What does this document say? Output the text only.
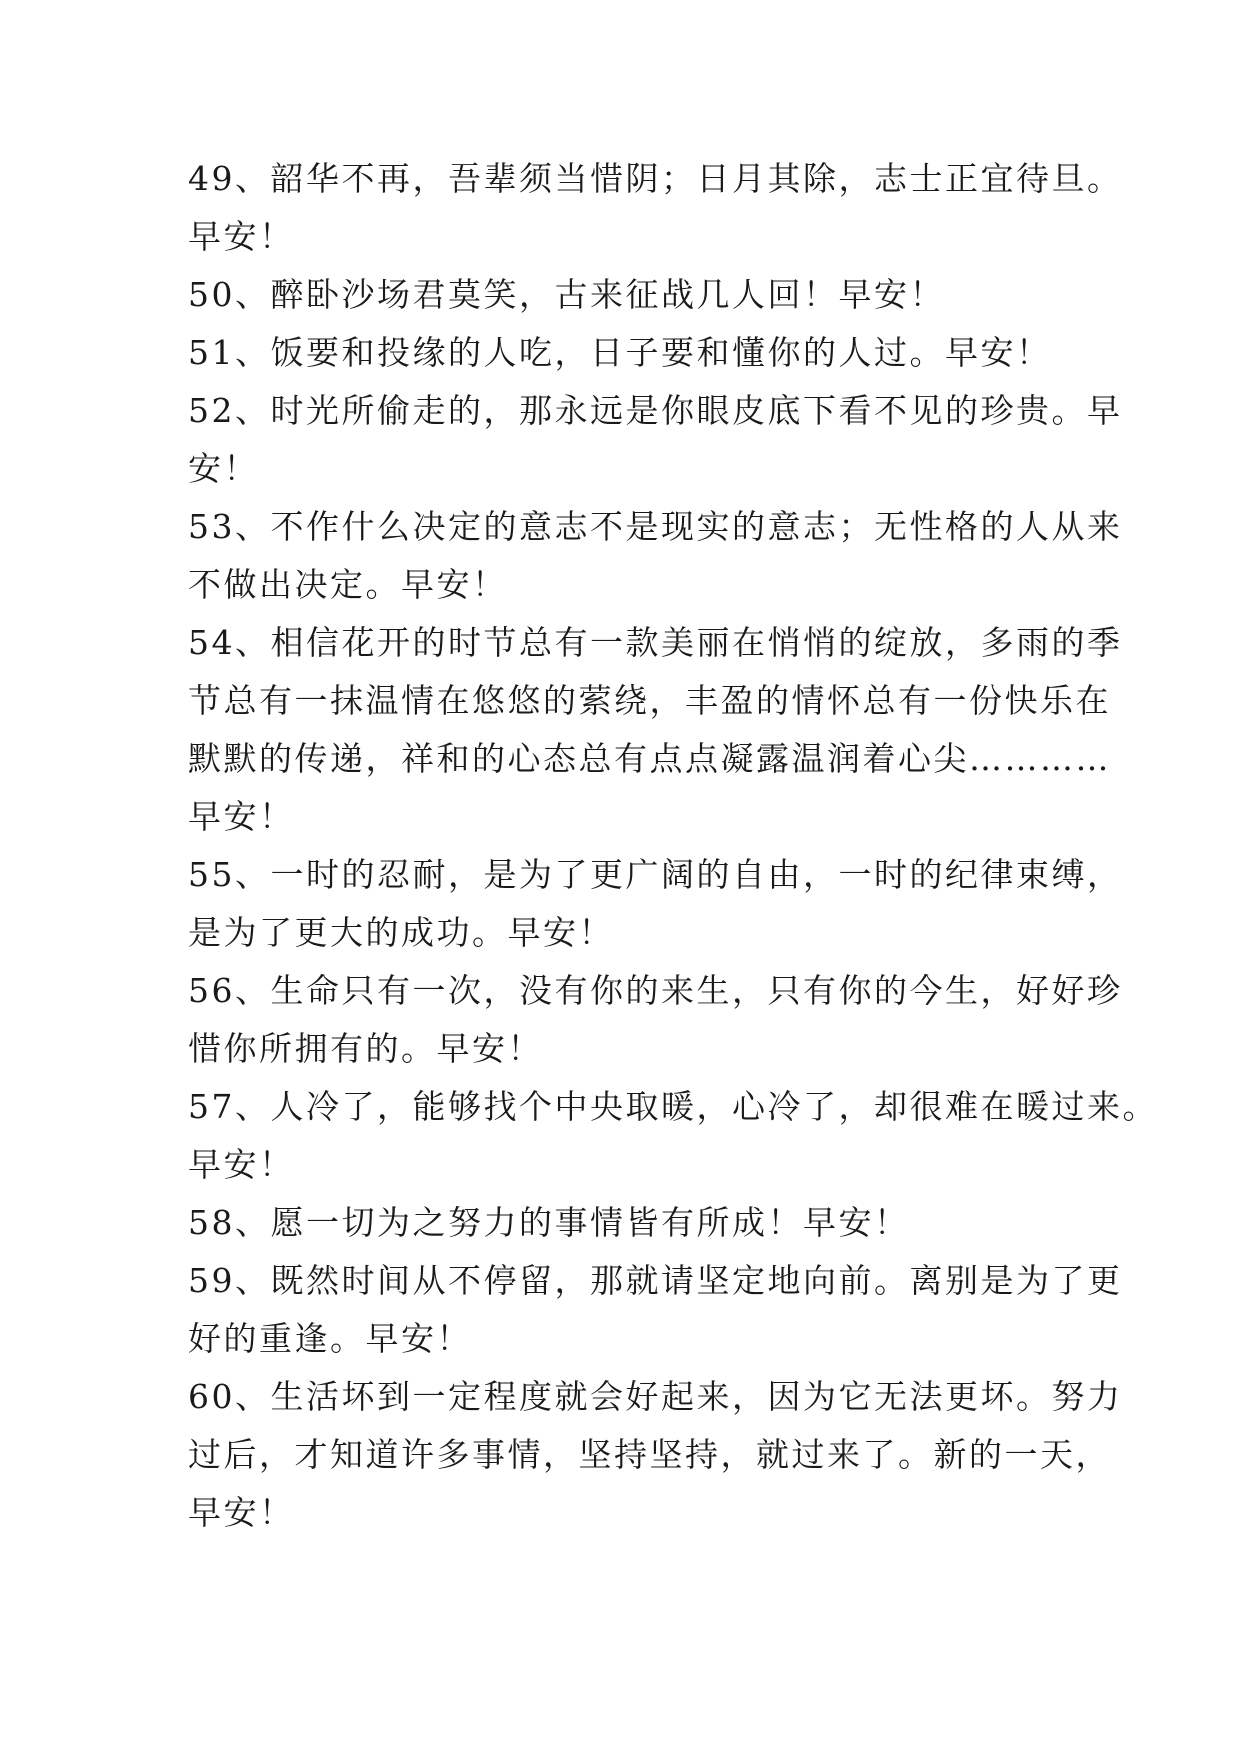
49、韶华不再，吾辈须当惜阴；日月其除，志士正宜待旦。
早安！
50、醉卧沙场君莫笑，古来征战几人回！早安！
51、饭要和投缘的人吃，日子要和懂你的人过。早安！
52、时光所偷走的，那永远是你眼皮底下看不见的珍贵。早
安！
53、不作什么决定的意志不是现实的意志；无性格的人从来
不做出决定。早安！
54、相信花开的时节总有一款美丽在悄悄的绽放，多雨的季
节总有一抹温情在悠悠的萦绕，丰盈的情怀总有一份快乐在
默默的传递，祥和的心态总有点点凝露温润着心尖…………
早安！
55、一时的忍耐，是为了更广阔的自由，一时的纪律束缚，
是为了更大的成功。早安！
56、生命只有一次，没有你的来生，只有你的今生，好好珍
惜你所拥有的。早安！
57、人冷了，能够找个中央取暖，心冷了，却很难在暖过来。
早安！
58、愿一切为之努力的事情皆有所成！早安！
59、既然时间从不停留，那就请坚定地向前。离别是为了更
好的重逢。早安！
60、生活坏到一定程度就会好起来，因为它无法更坏。努力
过后，才知道许多事情，坚持坚持，就过来了。新的一天，
早安！
